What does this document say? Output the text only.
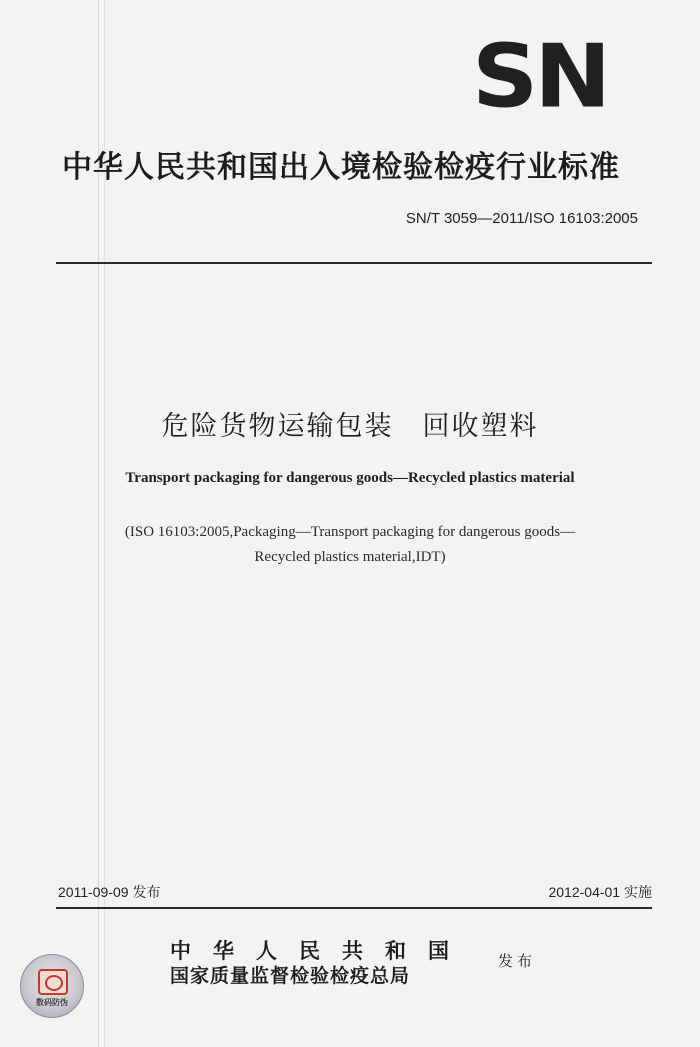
SN
中华人民共和国出入境检验检疫行业标准
SN/T 3059—2011/ISO 16103:2005
危险货物运输包装　回收塑料
Transport packaging for dangerous goods—Recycled plastics material
(ISO 16103:2005,Packaging—Transport packaging for dangerous goods—
Recycled plastics material,IDT)
2011-09-09 发布	2012-04-01 实施
中华人民共和国
国家质量监督检验检疫总局
发布
数码防伪
